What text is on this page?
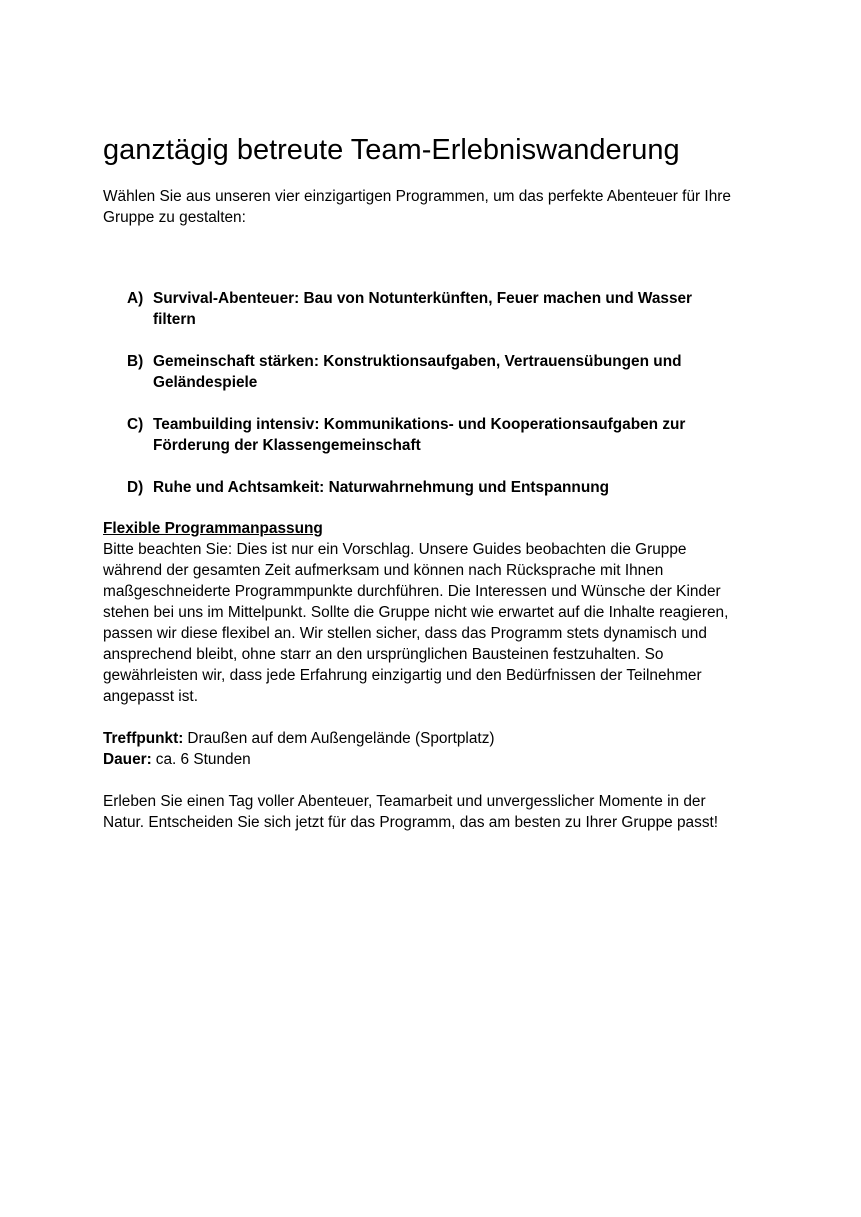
ganztägig betreute Team-Erlebniswanderung

Wählen Sie aus unseren vier einzigartigen Programmen, um das perfekte Abenteuer für Ihre Gruppe zu gestalten:

A) Survival-Abenteuer: Bau von Notunterkünften, Feuer machen und Wasser filtern
B) Gemeinschaft stärken: Konstruktionsaufgaben, Vertrauensübungen und Geländespiele
C) Teambuilding intensiv: Kommunikations- und Kooperationsaufgaben zur Förderung der Klassengemeinschaft
D) Ruhe und Achtsamkeit: Naturwahrnehmung und Entspannung
Flexible Programmanpassung

Bitte beachten Sie: Dies ist nur ein Vorschlag. Unsere Guides beobachten die Gruppe während der gesamten Zeit aufmerksam und können nach Rücksprache mit Ihnen maßgeschneiderte Programmpunkte durchführen. Die Interessen und Wünsche der Kinder stehen bei uns im Mittelpunkt. Sollte die Gruppe nicht wie erwartet auf die Inhalte reagieren, passen wir diese flexibel an. Wir stellen sicher, dass das Programm stets dynamisch und ansprechend bleibt, ohne starr an den ursprünglichen Bausteinen festzuhalten. So gewährleisten wir, dass jede Erfahrung einzigartig und den Bedürfnissen der Teilnehmer angepasst ist.

Treffpunkt: Draußen auf dem Außengelände (Sportplatz)

Dauer: ca. 6 Stunden

Erleben Sie einen Tag voller Abenteuer, Teamarbeit und unvergesslicher Momente in der Natur. Entscheiden Sie sich jetzt für das Programm, das am besten zu Ihrer Gruppe passt!
